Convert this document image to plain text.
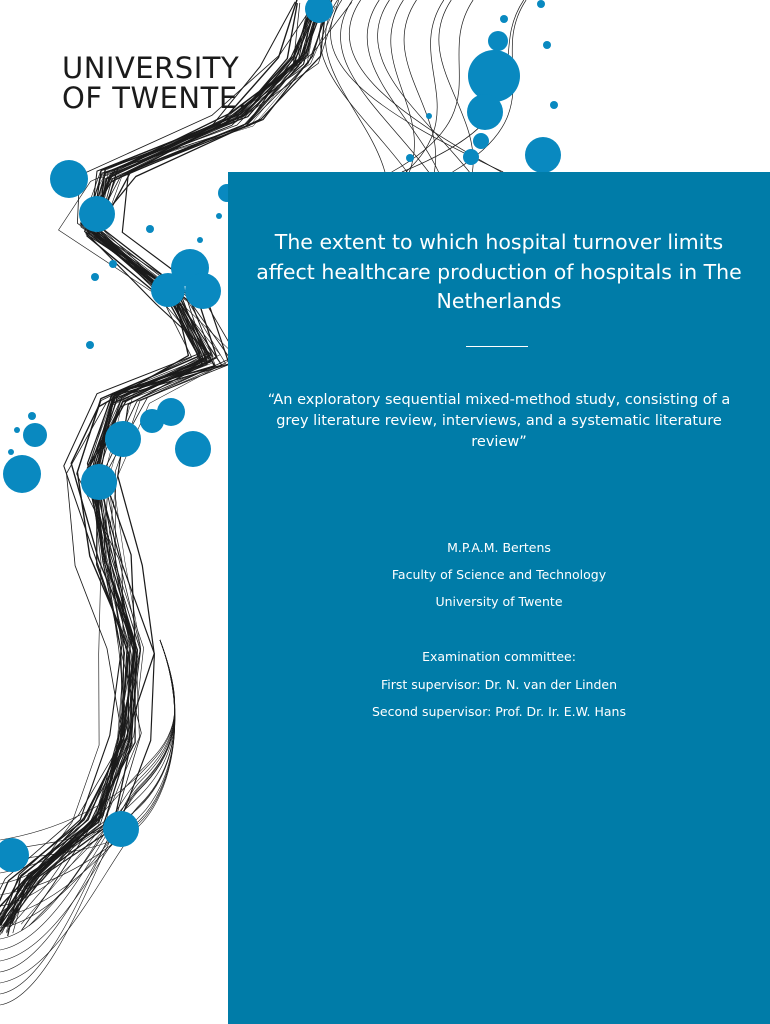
UNIVERSITY
OF TWENTE.
The extent to which hospital turnover limits affect healthcare production of hospitals in The Netherlands

“An exploratory sequential mixed-method study, consisting of a grey literature review, interviews, and a systematic literature review”

M.P.A.M. Bertens

Faculty of Science and Technology

University of Twente

Examination committee:

First supervisor: Dr. N. van der Linden

Second supervisor: Prof. Dr. Ir. E.W. Hans
